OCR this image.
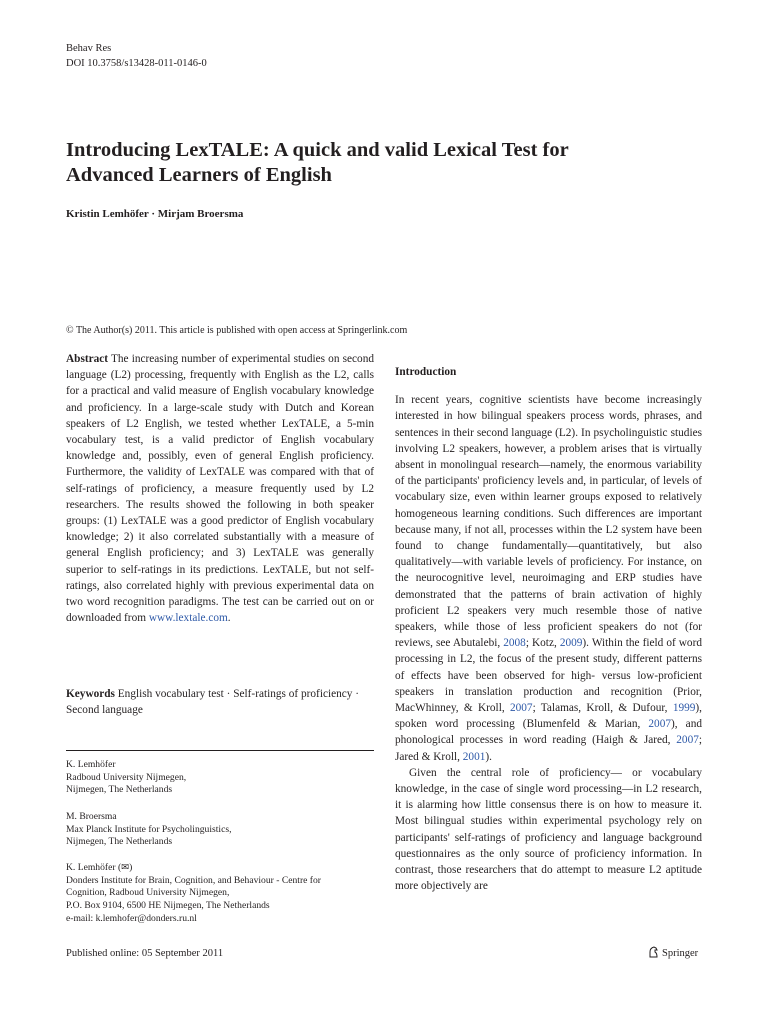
Behav Res
DOI 10.3758/s13428-011-0146-0
Introducing LexTALE: A quick and valid Lexical Test for Advanced Learners of English
Kristin Lemhöfer · Mirjam Broersma
© The Author(s) 2011. This article is published with open access at Springerlink.com
Abstract The increasing number of experimental studies on second language (L2) processing, frequently with English as the L2, calls for a practical and valid measure of English vocabulary knowledge and proficiency. In a large-scale study with Dutch and Korean speakers of L2 English, we tested whether LexTALE, a 5-min vocabulary test, is a valid predictor of English vocabulary knowledge and, possibly, even of general English proficiency. Furthermore, the validity of LexTALE was compared with that of self-ratings of proficiency, a measure frequently used by L2 researchers. The results showed the following in both speaker groups: (1) LexTALE was a good predictor of English vocabulary knowledge; 2) it also correlated substantially with a measure of general English proficiency; and 3) LexTALE was generally superior to self-ratings in its predictions. LexTALE, but not self-ratings, also correlated highly with previous experimental data on two word recognition paradigms. The test can be carried out on or downloaded from www.lextale.com.
Keywords English vocabulary test · Self-ratings of proficiency · Second language
K. Lemhöfer
Radboud University Nijmegen,
Nijmegen, The Netherlands
M. Broersma
Max Planck Institute for Psycholinguistics,
Nijmegen, The Netherlands
K. Lemhöfer (✉)
Donders Institute for Brain, Cognition, and Behaviour - Centre for
Cognition, Radboud University Nijmegen,
P.O. Box 9104, 6500 HE Nijmegen, The Netherlands
e-mail: k.lemhofer@donders.ru.nl
Introduction
In recent years, cognitive scientists have become increasingly interested in how bilingual speakers process words, phrases, and sentences in their second language (L2). In psycholinguistic studies involving L2 speakers, however, a problem arises that is virtually absent in monolingual research—namely, the enormous variability of the participants' proficiency levels and, in particular, of levels of vocabulary size, even within learner groups exposed to relatively homogeneous learning conditions. Such differences are important because many, if not all, processes within the L2 system have been found to change fundamentally—quantitatively, but also qualitatively—with variable levels of proficiency. For instance, on the neurocognitive level, neuroimaging and ERP studies have demonstrated that the patterns of brain activation of highly proficient L2 speakers very much resemble those of native speakers, while those of less proficient speakers do not (for reviews, see Abutalebi, 2008; Kotz, 2009). Within the field of word processing in L2, the focus of the present study, different patterns of effects have been observed for high- versus low-proficient speakers in translation production and recognition (Prior, MacWhinney, & Kroll, 2007; Talamas, Kroll, & Dufour, 1999), spoken word processing (Blumenfeld & Marian, 2007), and phonological processes in word reading (Haigh & Jared, 2007; Jared & Kroll, 2001).
Given the central role of proficiency— or vocabulary knowledge, in the case of single word processing—in L2 research, it is alarming how little consensus there is on how to measure it. Most bilingual studies within experimental psychology rely on participants' self-ratings of proficiency and language background questionnaires as the only source of proficiency information. In contrast, those researchers that do attempt to measure L2 aptitude more objectively are
Published online: 05 September 2011	Springer
